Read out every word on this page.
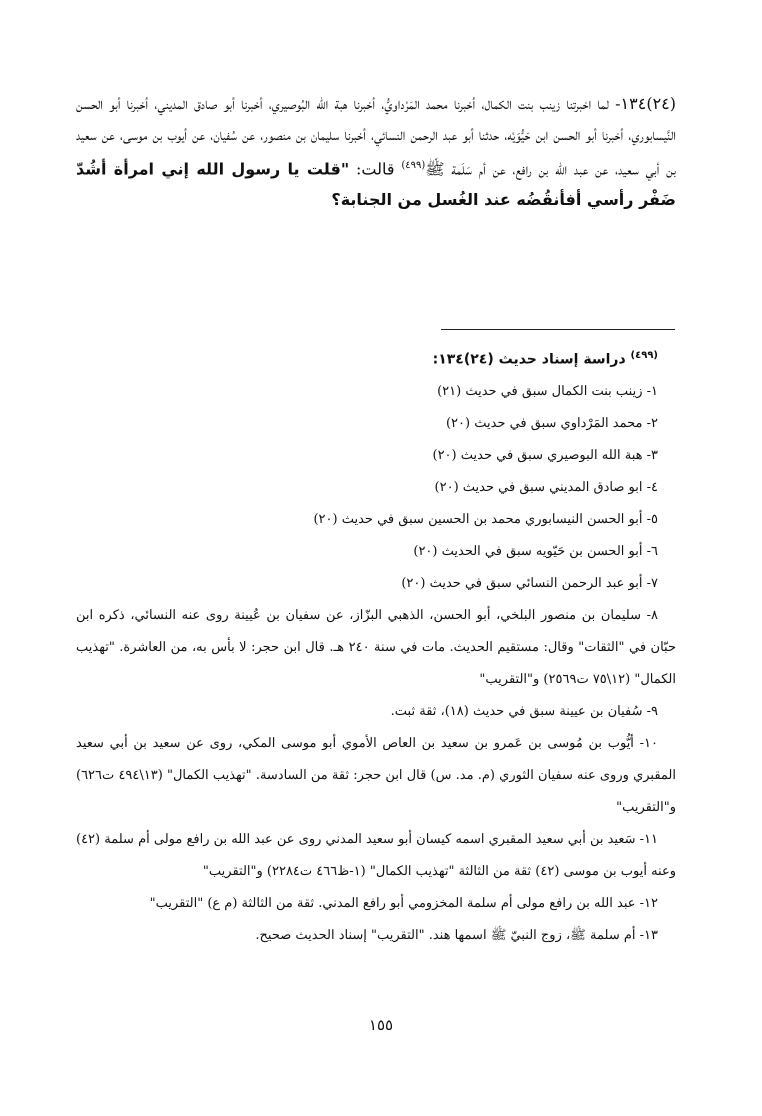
(٢٤)١٣٤- لما اخبرتنا زينب بنت الكمال، أخبرنا محمد المَرْداويُّ، أخبرنا هبة الله البُوصيري، أخبرنا أبو صادق المديني، أخبرنا أبو الحسن النَّيسابوري، أخبرنا أبو الحسن ابن حَيُّوَيْه، حدثنا أبو عبد الرحمن النسائي، أخبرنا سليمان بن منصور، عن سُفيان، عن أيوب بن موسى، عن سعيد بن أبي سعيد، عن عبد الله بن رافع، عن أم سَلَمة ﷺ$^{(٤٩٩)}$ قالت: "قلت يا رسول الله إني امرأة أشُدّ ضَفْر رأسي أفأنقُضُه عند الغُسل من الجنابة؟

$^{(٤٩٩)}$ دراسة إسناد حديث (٢٤)١٣٤:
١- زينب بنت الكمال سبق في حديث (٢١)
٢- محمد المَرْداوي سبق في حديث (٢٠)
٣- هبة الله البوصيري سبق في حديث (٢٠)
٤- ابو صادق المديني سبق في حديث (٢٠)
٥- أبو الحسن النيسابوري محمد بن الحسين سبق في حديث (٢٠)
٦- أبو الحسن بن حَيّويه سبق في الحديث (٢٠)
٧- أبو عبد الرحمن النسائي سبق في حديث (٢٠)
٨- سليمان بن منصور البلخي، أبو الحسن، الذهبي البزّاز، عن سفيان بن عُيينة روى عنه النسائي، ذكره ابن حبّان في "الثقات" وقال: مستقيم الحديث. مات في سنة ٢٤٠ هـ. قال ابن حجر: لا بأس به، من العاشرة. "تهذيب الكمال" (١٢\٧٥ ت٢٥٦٩) و"التقريب"
٩- سُفيان بن عيينة سبق في حديث (١٨)، ثقة ثبت.
١٠- أيُّوب بن مُوسى بن عَمرو بن سعيد بن العاص الأموي أبو موسى المكي، روى عن سعيد بن أبي سعيد المقبري وروى عنه سفيان الثوري (م. مد. س) قال ابن حجر: ثقة من السادسة. "تهذيب الكمال" (١٣\٤٩٤ ت٦٢٦) و"التقريب"
١١- سَعيد بن أبي سعيد المقبري اسمه كيسان أبو سعيد المدني روى عن عبد الله بن رافع مولى أم سلمة (٤٢) وعنه أيوب بن موسى (٤٢) ثقة من الثالثة "تهذيب الكمال" (١-ظ٤٦٦ ت٢٢٨٤) و"التقريب"
١٢- عبد الله بن رافع مولى أم سلمة المخزومي أبو رافع المدني. ثقة من الثالثة (م ع) "التقريب"
١٣- أم سلمة ﷺ، زوج النبيّ ﷺ اسمها هند. "التقريب" إسناد الحديث صحيح.
١٥٥
